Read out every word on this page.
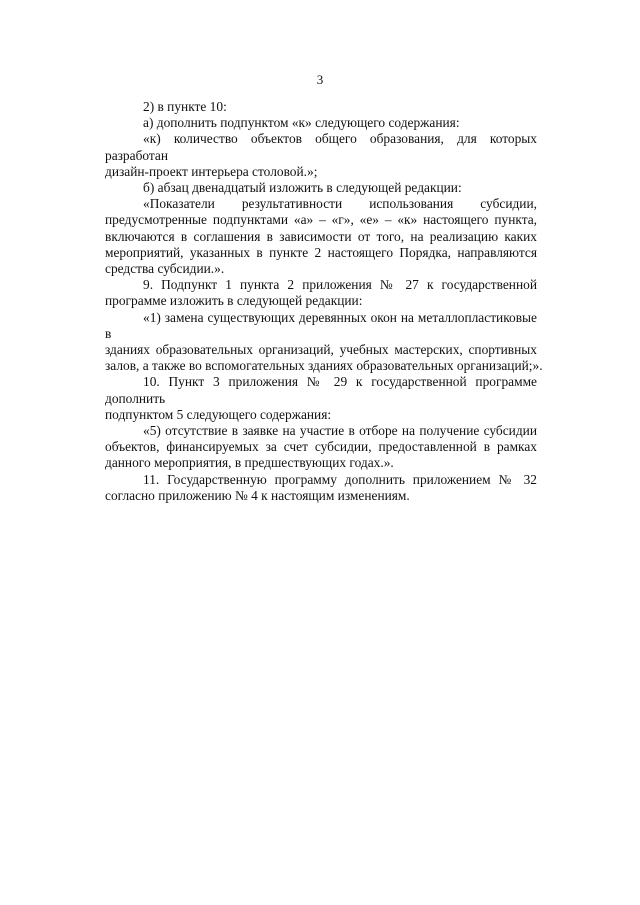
3

2) в пункте 10:

а) дополнить подпунктом «к» следующего содержания:

«к) количество объектов общего образования, для которых разработан
дизайн-проект интерьера столовой.»;

б) абзац двенадцатый изложить в следующей редакции:

«Показатели результативности использования субсидии,
предусмотренные подпунктами «а» – «г», «е» – «к» настоящего пункта,
включаются в соглашения в зависимости от того, на реализацию каких
мероприятий, указанных в пункте 2 настоящего Порядка, направляются
средства субсидии.».

9. Подпункт 1 пункта 2 приложения № 27 к государственной
программе изложить в следующей редакции:

«1) замена существующих деревянных окон на металлопластиковые в
зданиях образовательных организаций, учебных мастерских, спортивных
залов, а также во вспомогательных зданиях образовательных организаций;».

10. Пункт 3 приложения № 29 к государственной программе дополнить
подпунктом 5 следующего содержания:

«5) отсутствие в заявке на участие в отборе на получение субсидии
объектов, финансируемых за счет субсидии, предоставленной в рамках
данного мероприятия, в предшествующих годах.».

11. Государственную программу дополнить приложением № 32
согласно приложению № 4 к настоящим изменениям.
